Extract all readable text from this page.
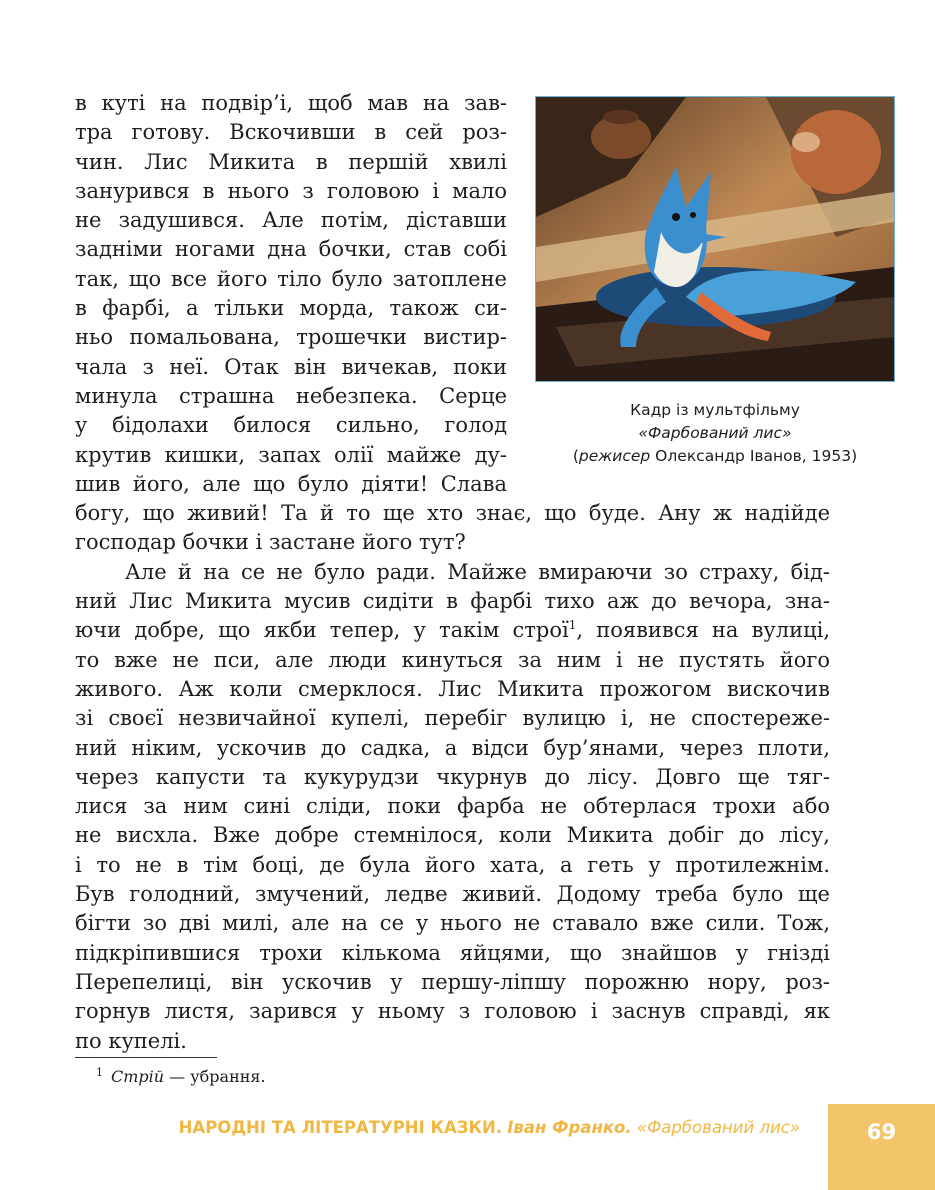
в куті на подвір’і, щоб мав на зав-
тра готову. Вскочивши в сей роз-
чин. Лис Микита в першій хвилі
занурився в нього з головою і мало
не задушився. Але потім, діставши
задніми ногами дна бочки, став собі
так, що все його тіло було затоплене
в фарбі, а тільки морда, також си-
ньо помальована, трошечки вистир-
чала з неї. Отак він вичекав, поки
минула страшна небезпека. Серце
у бідолахи билося сильно, голод
крутив кишки, запах олії майже ду-
шив його, але що було діяти! Слава
богу, що живий! Та й то ще хто знає, що буде. Ану ж надійде
господар бочки і застане його тут?
Але й на се не було ради. Майже вмираючи зо страху, бід-
ний Лис Микита мусив сидіти в фарбі тихо аж до вечора, зна-
ючи добре, що якби тепер, у такім строї$^1$, появився на вулиці,
то вже не пси, але люди кинуться за ним і не пустять його
живого. Аж коли смерклося. Лис Микита прожогом вискочив
зі своєї незвичайної купелі, перебіг вулицю і, не спостереже-
ний ніким, ускочив до садка, а відси бур’янами, через плоти,
через капусти та кукурудзи чкурнув до лісу. Довго ще тяг-
лися за ним сині сліди, поки фарба не обтерлася трохи або
не висхла. Вже добре стемнілося, коли Микита добіг до лісу,
і то не в тім боці, де була його хата, а геть у протилежнім.
Був голодний, змучений, ледве живий. Додому треба було ще
бігти зо дві милі, але на се у нього не ставало вже сили. Тож,
підкріпившися трохи кількома яйцями, що знайшов у гнізді
Перепелиці, він ускочив у першу-ліпшу порожню нору, роз-
горнув листя, зарився у ньому з головою і заснув справді, як
по купелі.
Кадр із мультфільму
«Фарбований лис»
(режисер Олександр Іванов, 1953)
$^1$ Стрій — убрання.
НАРОДНІ ТА ЛІТЕРАТУРНІ КАЗКИ. Іван Франко. «Фарбований лис»	69
